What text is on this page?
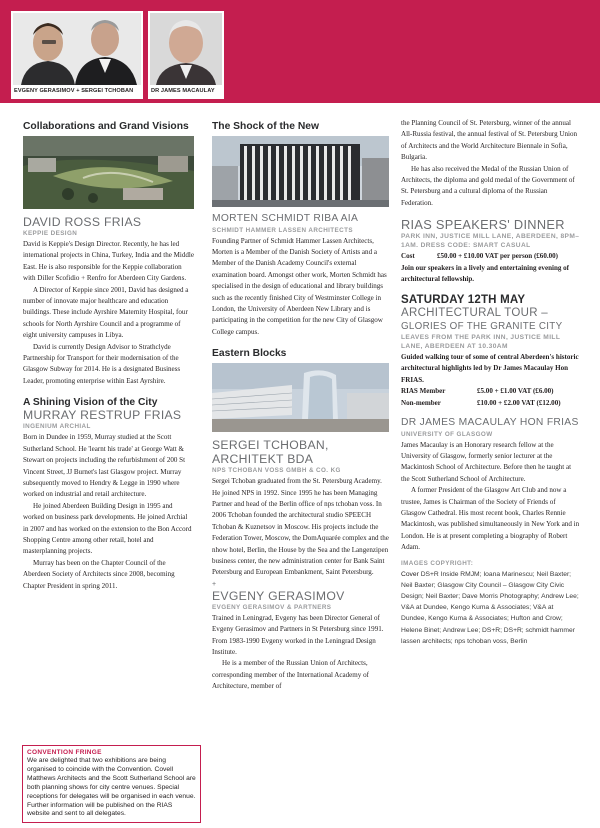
EVGENY GERASIMOV + SERGEI TCHOBAN	DR JAMES MACAULAY
Collaborations and Grand Visions
DAVID ROSS FRIAS
KEPPIE DESIGN

David is Keppie's Design Director. Recently, he has led international projects in China, Turkey, India and the Middle East. He is also responsible for the Keppie collaboration with Diller Scofidio + Renfro for Aberdeen City Gardens.

A Director of Keppie since 2001, David has designed a number of innovate major healthcare and education buildings. These include Ayrshire Maternity Hospital, four schools for North Ayrshire Council and a programme of eight university campuses in Libya.

David is currently Design Advisor to Strathclyde Partnership for Transport for their modernisation of the Glasgow Subway for 2014. He is a designated Business Leader, promoting enterprise within East Ayrshire.

A Shining Vision of the City
MURRAY RESTRUP FRIAS
INGENIUM ARCHIAL

Born in Dundee in 1959, Murray studied at the Scott Sutherland School. He 'learnt his trade' at George Watt & Stewart on projects including the refurbishment of 200 St Vincent Street, JJ Burnet's last Glasgow project. Murray subsequently moved to Hendry & Legge in 1990 where worked on industrial and retail architecture.

He joined Aberdeen Building Design in 1995 and worked on business park developments. He joined Archial in 2007 and has worked on the extension to the Bon Accord Shopping Centre among other retail, hotel and masterplanning projects.

Murray has been on the Chapter Council of the Aberdeen Society of Architects since 2008, becoming Chapter President in spring 2011.

CONVENTION FRINGE
We are delighted that two exhibitions are being organised to coincide with the Convention. Covell Matthews Architects and the Scott Sutherland School are both planning shows for city centre venues. Special receptions for delegates will be organised in each venue. Further information will be published on the RIAS website and sent to all delegates.
The Shock of the New
MORTEN SCHMIDT RIBA AIA
SCHMIDT HAMMER LASSEN ARCHITECTS

Founding Partner of Schmidt Hammer Lassen Architects, Morten is a Member of the Danish Society of Artists and a Member of the Danish Academy Council's external examination board. Amongst other work, Morten Schmidt has specialised in the design of educational and library buildings such as the recently finished City of Westminster College in London, the University of Aberdeen New Library and is participating in the competition for the new City of Glasgow College campus.

Eastern Blocks
SERGEI TCHOBAN, ARCHITEKT BDA
NPS TCHOBAN VOSS GMBH & CO. KG

Sergei Tchoban graduated from the St. Petersburg Academy. He joined NPS in 1992. Since 1995 he has been Managing Partner and head of the Berlin office of nps tchoban voss. In 2006 Tchoban founded the architectural studio SPEECH Tchoban & Kuznetsov in Moscow. His projects include the Federation Tower, Moscow, the DomAquarée complex and the nhow hotel, Berlin, the House by the Sea and the Langenzipen business center, the new administration center for Bank Saint Petersburg and European Embankment, Saint Petersburg.

+
EVGENY GERASIMOV
EVGENY GERASIMOV & PARTNERS

Trained in Leningrad, Evgeny has been Director General of Evgeny Gerasimov and Partners in St Petersburg since 1991. From 1983-1990 Evgeny worked in the Leningrad Design Institute.

He is a member of the Russian Union of Architects, corresponding member of the International Academy of Architecture, member of

the Planning Council of St. Petersburg, winner of the annual All-Russia festival, the annual festival of St. Petersburg Union of Architects and the World Architecture Biennale in Sofia, Bulgaria.

He has also received the Medal of the Russian Union of Architects, the diploma and gold medal of the Government of St. Petersburg and a cultural diploma of the Russian Federation.

RIAS SPEAKERS' DINNER
PARK INN, JUSTICE MILL LANE, ABERDEEN, 8PM–1AM. DRESS CODE: SMART CASUAL
Cost	£50.00 + £10.00 VAT per person (£60.00)

Join our speakers in a lively and entertaining evening of architectural fellowship.

SATURDAY 12TH MAY
ARCHITECTURAL TOUR –
GLORIES OF THE GRANITE CITY
LEAVES FROM THE PARK INN, JUSTICE MILL LANE, ABERDEEN AT 10.30AM

Guided walking tour of some of central Aberdeen's historic architectural highlights led by Dr James Macaulay Hon FRIAS.

RIAS Member	£5.00 + £1.00 VAT (£6.00)
Non-member	£10.00 + £2.00 VAT (£12.00)
DR JAMES MACAULAY HON FRIAS
UNIVERSITY OF GLASGOW

James Macaulay is an Honorary research fellow at the University of Glasgow, formerly senior lecturer at the Mackintosh School of Architecture. Before then he taught at the Scott Sutherland School of Architecture.

A former President of the Glasgow Art Club and now a trustee, James is Chairman of the Society of Friends of Glasgow Cathedral. His most recent book, Charles Rennie Mackintosh, was published simultaneously in New York and in London. He is at present completing a biography of Robert Adam.

IMAGES COPYRIGHT:
Cover DS+R Inside RMJM; Ioana Marinescu; Neil Baxter; Neil Baxter; Glasgow City Council – Glasgow City Civic Design; Neil Baxter; Dave Morris Photography; Andrew Lee; V&A at Dundee, Kengo Kuma & Associates; V&A at Dundee, Kengo Kuma & Associates; Hufton and Crow; Helene Binet; Andrew Lee; DS+R; DS+R; schmidt hammer lassen architects; nps tchoban voss, Berlin
